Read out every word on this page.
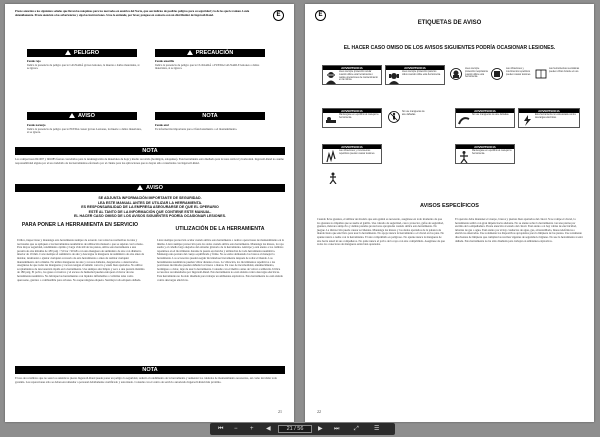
E
Preste atención a los siguientes señales que llevan las máquinas para los mercados en américa del Norte, que son indicios de posibles peligros para su seguridad y la de los que le rodean. Léala detenidamente. Preste atención a las advertencias y siga las instrucciones. Si no lo entiende, por favor, póngase en contacto con un distribuidor de Ingersoll-Rand.
PELIGRO	PRECAUCIÓN
Fondo rojo
Indica la presencia de peligro que le CAUSARÁ graves lesiones, la muerte o daños materiales, si se ignora.
Fondo amarillo
Indica la presencia de peligro que le CUASARÁ o PUEDA CAUSARLE lesiones o daños materiales, si se ignora.
AVISO	NOTA
Fondo naranja
Indica la presencia de peligro que le PUEDA causar graves Lesiones, la muerte o daños materiales, si se ignora.
Fondo azul
Es información importante para el funcionamiento o el mantenimiento.
NOTA
Los compactores IR1097 y IR1085 fueron concebidos para la desintegración de materiales de hoja y medio recorrido (hormigón, adoquines). Esta herramienta está diseñada para la tarea vertical y horizontal. Ingersoll-Rand no asume responsabilidad alguna por el uso indebido de las herramientas efectuado por el cliente para las aplicaciones que no hayan sido consultadas con Ingersoll-Rand.
AVISO
SE ADJUNTA INFORMACIÓN IMPORTANTE DE SEGURIDAD.
LEA ESTE MANUAL ANTES DE UTILIZAR LA HERRAMIENTA.
ES RESPONSABILIDAD DE LA EMPRESA ASEGURARSE DE QUE EL OPERARIO
ESTÉ AL TANTO DE LA INFORMACIÓN QUE CONTIENE ESTE MANUAL.
EL HACER CASO OMISO DE LOS AVISOS SIGUIENTES PODRÍA OCASIONAR LESIONES.
PARA PONER LA HERRAMIENTA EN SERVICIO
UTILIZACIÓN DE LA HERRAMIENTA
Utilice, inspeccione y mantenga esta herramienta siempre de acuerdo con todas las normativas locales y nacionales que se apliquen a las herramientas neumáticas de utilización manual o que se sujetan con la mano. Para mayor seguridad, rendimiento óptimo y larga vida útil de las piezas, utilice esta herramienta a una presión de aire máxima de 180 psig / 7,6 bar / 90 kPa con una manguera de suministro de aire con diámetro interior de 19 mm. Corte siempre el suministro de aire y descargue la manguera de suministro de aire antes de instalar, desmontar o ajustar cualquier accesorio de esta herramienta o antes de realizar cualquier mantenimiento de la misma. No utilice mangueras de aire y racores dañados, desgastados o deteriorados. Asegúrese de que todas las mangueras y racores tengan el tamaño correcto y estén bien apretados. No utilice acoplamientos de desconexión rápida en la herramienta. Use siempre aire limpio y seco a una presión máxima de 180 psig. El polvo, los gases corrosivos y el exceso de humedad pueden estropear el motor de una herramienta neumática. No lubrique las herramientas con líquidos inflamables o volátiles tales como queroseno, gasóleo o combustible para aviones. No saque ninguna etiqueta. Sustituya toda etiqueta dañada.
Lleve siempre protección ocular cuando utilice esta herramienta o realice operaciones de mantenimiento en la misma. Lleve siempre protección para los oídos cuando utilice esta herramienta. Mantenga las manos, la ropa suelta y el cabello largo alejados del extremo giratorio de la herramienta. Anticipe y esté atento a los cambios repentinos en el movimiento durante la puesta en marcha y utilización de toda herramienta neumática. Mantenga una postura del cuerpo equilibrada y firme. No se estire demasiado los brazos al manejar la herramienta. Los accesorios pueden seguir moviéndose brevemente después de soltar el mando. Las herramientas neumáticas pueden vibrar durante el uso. La vibración, los movimientos repetitivos o las posiciones incómodas pueden dañarle los brazos o manos. En caso de incomodidad, entumecimiento, hormigueo o dolor, deje de usar la herramienta. Consulte con el médico antes de volver a utilizarla. Utilice accesorios recomendados por Ingersoll-Rand. Esta herramienta no está aislada contra descargas eléctricas. Esta herramienta no ha sido diseñada para trabajar en ambientes explosivos. Esta herramienta no está aislada contra descargas eléctricas.
NOTA
El uso de recambios que no sean los auténticos piezas Ingersoll-Rand puede poner en peligro la seguridad, reducir el rendimiento de la herramienta y aumentar los cuidados de mantenimiento necesarios, así como invalidar toda garantía. Las reparaciones sólo se deben encomendar a personal debidamente cualificado y autorizado. Consulte con el centro de servicio autorizado Ingersoll-Rand más próximo.
21
E
ETIQUETAS DE AVISO
EL HACER CASO OMISO DE LOS AVISOS SIGUIENTES PODRÍA OCASIONAR LESIONES.
ADVERTENCIA
Lleve siempre protección ocular cuando utilice esta herramienta o realice operaciones de mantenimiento en la misma.
ADVERTENCIA
Lleve siempre protección para los oídos cuando utilice esta herramienta.
Lleve siempre protección respiratoria cuando utilice esta herramienta.
Las vibraciones y movimientos repetitivos pueden causar lesiones.
Las herramientas neumáticas pueden vibrar durante el uso.
ADVERTENCIA
Manténgase en equilibrio al manejar la herramienta.
No use mangueras de aire dañadas.
ADVERTENCIA
No use mangueras de aire dañadas.
ADVERTENCIA
Esta herramienta no está aislada contra descargas eléctricas.
ADVERTENCIA
Las vibraciones y movimientos repetitivos pueden causar lesiones.
ADVERTENCIA
Manténgase en equilibrio al manejar la herramienta.
AVISOS ESPECÍFICOS
Cuando lleve guantes, el utilizar un modelo que esta genial es necesario, asegúrese en todo momento de que los guantes no impidan que se suelte el gatillo. Use calzado de seguridad, casco protector, gafas de seguridad, guantes, máscara antipolvo y demás prendas protectoras apropiadas cuando utilice esta herramienta. No juegue. La distracción puede causar accidentes. Mantenga las manos y los dedos apartados de la palanca de mando hasta que esté listo para usar la herramienta. No apoye nunca la herramienta o el cincel en los pies. No apunte nunca a nadie con la herramienta. El aire comprimido es peligroso. No apunte nunca la manguera de aire hacia usted ni sus compañeros. No quite nunca el polvo de la ropa con aire comprimido. Asegúrese de que todos los conectores de manguera estén bien apretados.
El operario debe mantener el cuerpo, brazos y piernas bien apartados del cincel. Si se rompe el cincel, la herramienta saldrá con gran ímpetu hacia adelante. No se siente sobre la herramienta con una pierna por encima de la empuñadura. Preste atención al estado del cincel. Esté atento a si hay cables de electricidad, tuberías de gas o agua. Esté atento por si hay conductos de agua, gas, alcantarillado, líneas telefónicas o eléctricas enterradas. Use solamente los dispositivos apropiados para la limpieza de las piezas. Use solamente disolventes de limpieza que cumplan las normas vigentes de seguridad e higiene. No use la herramienta si está dañada. Esta herramienta no ha sido diseñada para trabajar en ambientes explosivos.
22
⏮ − + ◀	21 / 56	▶ ⏭ ⤢	☰
